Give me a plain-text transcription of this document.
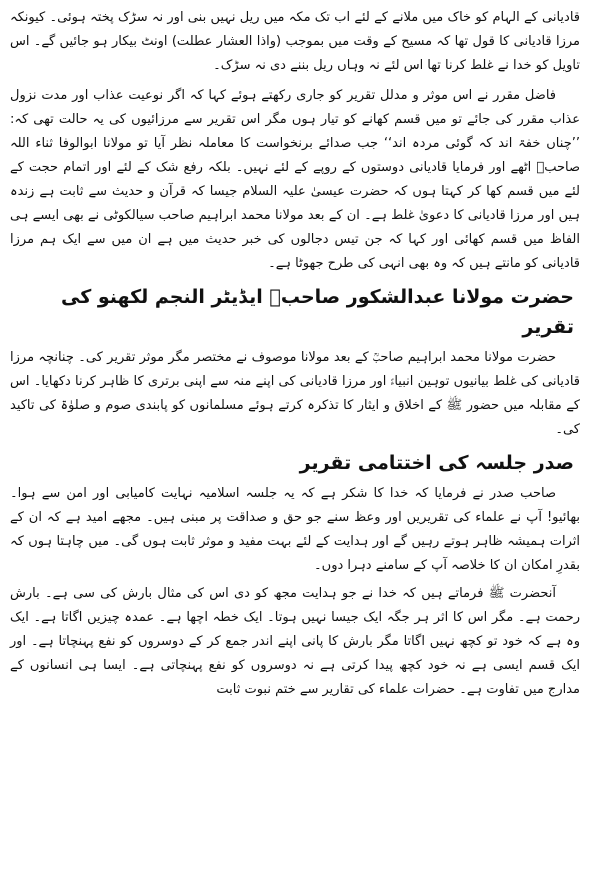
قادیانی کے الہام کو خاک میں ملانے کے لئے اب تک مکہ میں ریل نہیں بنی اور نہ سڑک پختہ ہوئی۔ کیونکہ مرزا قادیانی کا قول تھا کہ مسیح کے وقت میں بموجب (واذا العشار عطلت) اونٹ بیکار ہو جائیں گے۔ اس تاویل کو خدا نے غلط کرنا تھا اس لئے نہ وہاں ریل بننے دی نہ سڑک۔

فاضل مقرر نے اس موثر و مدلل تقریر کو جاری رکھتے ہوئے کہا کہ اگر نوعیت عذاب اور مدت نزول عذاب مقرر کی جائے تو میں قسم کھانے کو تیار ہوں مگر اس تقریر سے مرزائیوں کی یہ حالت تھی کہ: ’’چناں خفۃ اند کہ گوئی مردہ اند‘‘ جب صدائے برنخواست کا معاملہ نظر آیا تو مولانا ابوالوفا ثناء اللہ صاحبؒ اٹھے اور فرمایا قادیانی دوستوں کے روپے کے لئے نہیں۔ بلکہ رفع شک کے لئے اور اتمام حجت کے لئے میں قسم کھا کر کہتا ہوں کہ حضرت عیسیٰ علیہ السلام جیسا کہ قرآن و حدیث سے ثابت ہے زندہ ہیں اور مرزا قادیانی کا دعویٰ غلط ہے۔ ان کے بعد مولانا محمد ابراہیم صاحب سیالکوٹی نے بھی ایسے ہی الفاظ میں قسم کھائی اور کہا کہ جن تیس دجالوں کی خبر حدیث میں ہے ان میں سے ایک ہم مرزا قادیانی کو مانتے ہیں کہ وہ بھی انہی کی طرح جھوٹا ہے۔

حضرت مولانا عبدالشکور صاحبؒ ایڈیٹر النجم لکھنو کی تقریر

حضرت مولانا محمد ابراہیم صاحبؒ کے بعد مولانا موصوف نے مختصر مگر موثر تقریر کی۔ چنانچہ مرزا قادیانی کی غلط بیانیوں توہین انبیاءؑ اور مرزا قادیانی کی اپنے منہ سے اپنی برتری کا ظاہر کرنا دکھایا۔ اس کے مقابلہ میں حضور ﷺ کے اخلاق و ایثار کا تذکرہ کرتے ہوئے مسلمانوں کو پابندی صوم و صلوٰۃ کی تاکید کی۔

صدر جلسہ کی اختتامی تقریر

صاحب صدر نے فرمایا کہ خدا کا شکر ہے کہ یہ جلسہ اسلامیہ نہایت کامیابی اور امن سے ہوا۔ بھائیو! آپ نے علماء کی تقریریں اور وعظ سنے جو حق و صداقت پر مبنی ہیں۔ مجھے امید ہے کہ ان کے اثرات ہمیشہ ظاہر ہوتے رہیں گے اور ہدایت کے لئے بہت مفید و موثر ثابت ہوں گی۔ میں چاہتا ہوں کہ بقدرِ امکان ان کا خلاصہ آپ کے سامنے دہرا دوں۔

آنحضرت ﷺ فرماتے ہیں کہ خدا نے جو ہدایت مجھ کو دی اس کی مثال بارش کی سی ہے۔ بارش رحمت ہے۔ مگر اس کا اثر ہر جگہ ایک جیسا نہیں ہوتا۔ ایک خطہ اچھا ہے۔ عمدہ چیزیں اگاتا ہے۔ ایک وہ ہے کہ خود تو کچھ نہیں اگاتا مگر بارش کا پانی اپنے اندر جمع کر کے دوسروں کو نفع پہنچاتا ہے۔ اور ایک قسم ایسی ہے نہ خود کچھ پیدا کرتی ہے نہ دوسروں کو نفع پہنچاتی ہے۔ ایسا ہی انسانوں کے مدارج میں تفاوت ہے۔ حضرات علماء کی تقاریر سے ختم نبوت ثابت
